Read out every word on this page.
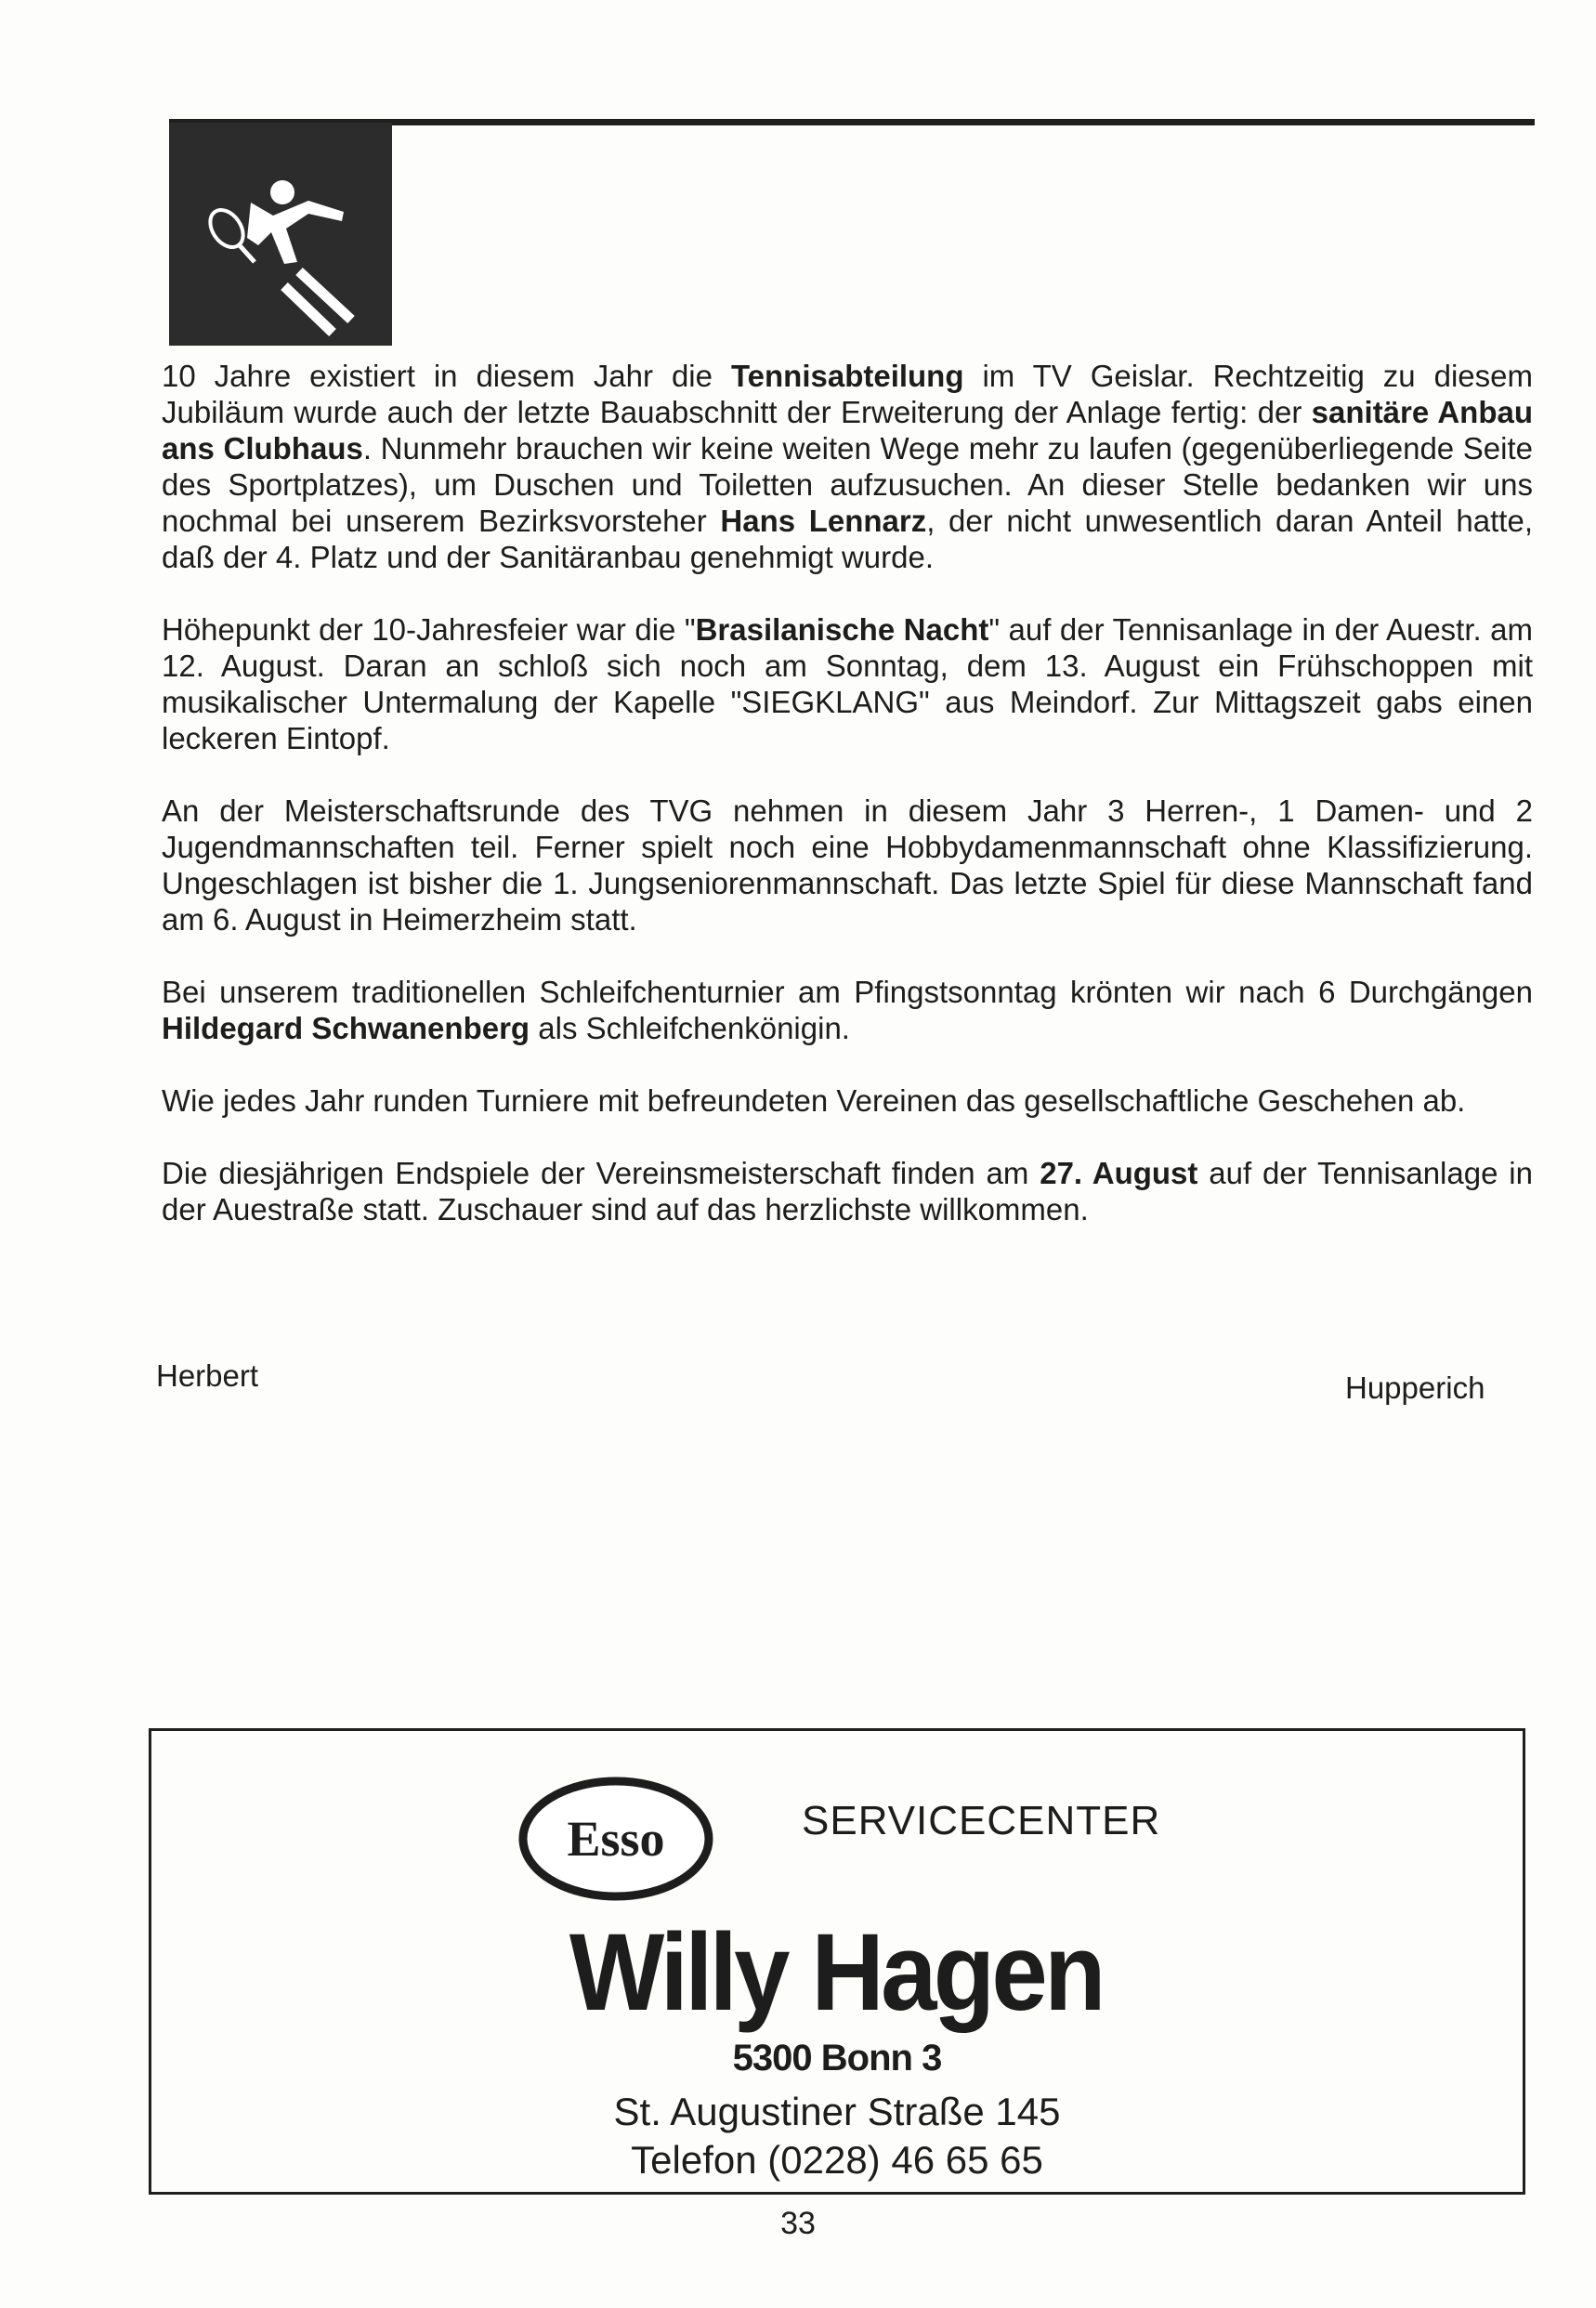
10 Jahre existiert in diesem Jahr die Tennisabteilung im TV Geislar. Rechtzeitig zu diesem Jubiläum wurde auch der letzte Bauabschnitt der Erweiterung der Anlage fertig: der sanitäre Anbau ans Clubhaus. Nunmehr brauchen wir keine weiten Wege mehr zu laufen (gegenüberliegende Seite des Sportplatzes), um Duschen und Toiletten aufzusuchen. An dieser Stelle bedanken wir uns nochmal bei unserem Bezirksvorsteher Hans Lennarz, der nicht unwesentlich daran Anteil hatte, daß der 4. Platz und der Sanitäranbau genehmigt wurde.

Höhepunkt der 10-Jahresfeier war die "Brasilanische Nacht" auf der Tennisanlage in der Auestr. am 12. August. Daran an schloß sich noch am Sonntag, dem 13. August ein Frühschoppen mit musikalischer Untermalung der Kapelle "SIEGKLANG" aus Meindorf. Zur Mittagszeit gabs einen leckeren Eintopf.

An der Meisterschaftsrunde des TVG nehmen in diesem Jahr 3 Herren-, 1 Damen- und 2 Jugendmannschaften teil. Ferner spielt noch eine Hobbydamenmannschaft ohne Klassifizierung. Ungeschlagen ist bisher die 1. Jungseniorenmannschaft. Das letzte Spiel für diese Mannschaft fand am 6. August in Heimerzheim statt.

Bei unserem traditionellen Schleifchenturnier am Pfingstsonntag krönten wir nach 6 Durchgängen Hildegard Schwanenberg als Schleifchenkönigin.

Wie jedes Jahr runden Turniere mit befreundeten Vereinen das gesellschaftliche Geschehen ab.

Die diesjährigen Endspiele der Vereinsmeisterschaft finden am 27. August auf der Tennisanlage in der Auestraße statt. Zuschauer sind auf das herzlichste willkommen.

Herbert	Hupperich
Esso	SERVICECENTER
Willy Hagen
5300 Bonn 3
St. Augustiner Straße 145
Telefon (0228) 46 65 65
33
